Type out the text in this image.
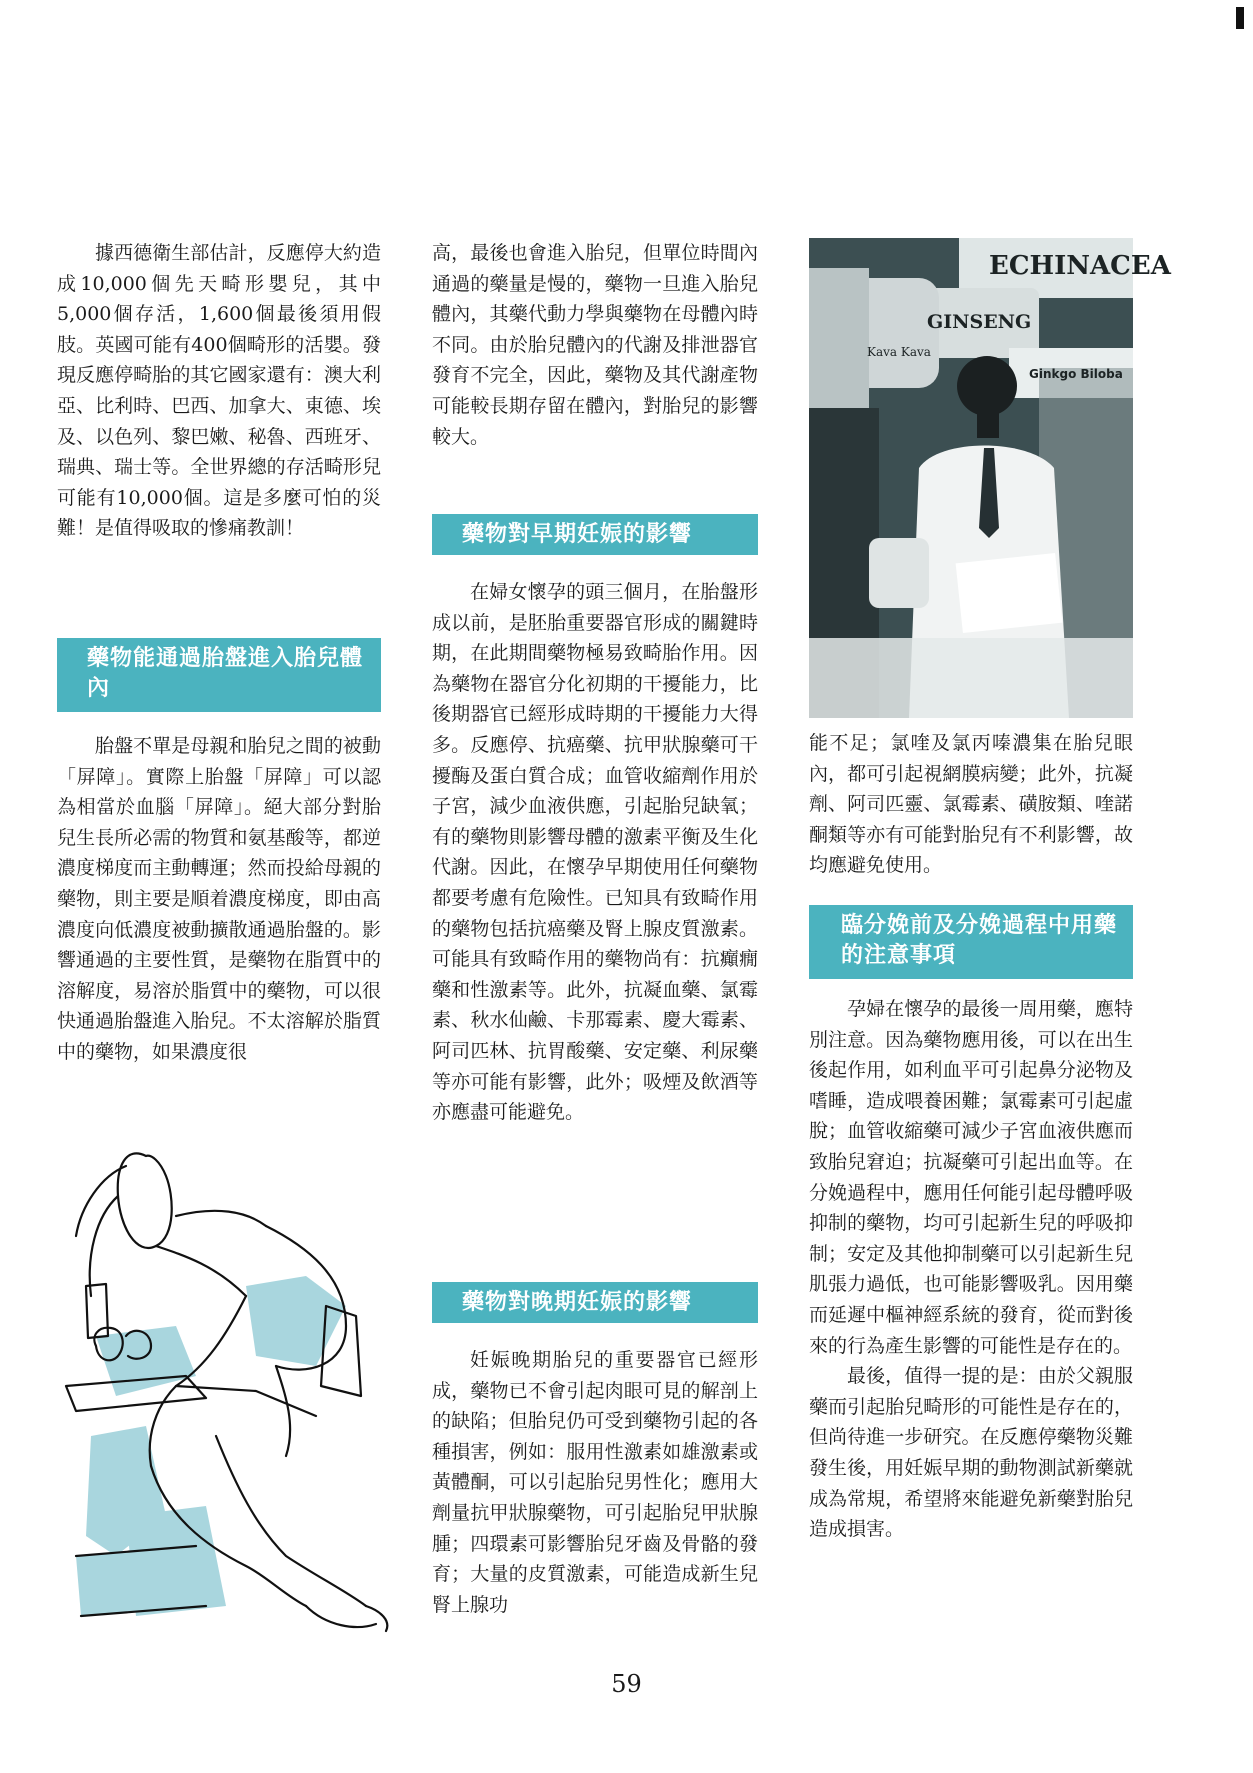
據西德衛生部估計，反應停大約造成10,000個先天畸形嬰兒，其中5,000個存活，1,600個最後須用假肢。英國可能有400個畸形的活嬰。發現反應停畸胎的其它國家還有：澳大利亞、比利時、巴西、加拿大、東德、埃及、以色列、黎巴嫩、秘魯、西班牙、瑞典、瑞士等。全世界總的存活畸形兒可能有10,000個。這是多麼可怕的災難！是值得吸取的慘痛教訓！

藥物能通過胎盤進入胎兒體內

胎盤不單是母親和胎兒之間的被動「屏障」。實際上胎盤「屏障」可以認為相當於血腦「屏障」。絕大部分對胎兒生長所必需的物質和氨基酸等，都逆濃度梯度而主動轉運；然而投給母親的藥物，則主要是順着濃度梯度，即由高濃度向低濃度被動擴散通過胎盤的。影響通過的主要性質，是藥物在脂質中的溶解度，易溶於脂質中的藥物，可以很快通過胎盤進入胎兒。不太溶解於脂質中的藥物，如果濃度很

高，最後也會進入胎兒，但單位時間內通過的藥量是慢的，藥物一旦進入胎兒體內，其藥代動力學與藥物在母體內時不同。由於胎兒體內的代謝及排泄器官發育不完全，因此，藥物及其代謝產物可能較長期存留在體內，對胎兒的影響較大。

藥物對早期妊娠的影響

在婦女懷孕的頭三個月，在胎盤形成以前，是胚胎重要器官形成的關鍵時期，在此期間藥物極易致畸胎作用。因為藥物在器官分化初期的干擾能力，比後期器官已經形成時期的干擾能力大得多。反應停、抗癌藥、抗甲狀腺藥可干擾酶及蛋白質合成；血管收縮劑作用於子宮，減少血液供應，引起胎兒缺氧；有的藥物則影響母體的激素平衡及生化代謝。因此，在懷孕早期使用任何藥物都要考慮有危險性。已知具有致畸作用的藥物包括抗癌藥及腎上腺皮質激素。可能具有致畸作用的藥物尚有：抗癲癇藥和性激素等。此外，抗凝血藥、氯霉素、秋水仙鹼、卡那霉素、慶大霉素、阿司匹林、抗胃酸藥、安定藥、利尿藥等亦可能有影響，此外；吸煙及飲酒等亦應盡可能避免。

藥物對晚期妊娠的影響

妊娠晚期胎兒的重要器官已經形成，藥物已不會引起肉眼可見的解剖上的缺陷；但胎兒仍可受到藥物引起的各種損害，例如：服用性激素如雄激素或黃體酮，可以引起胎兒男性化；應用大劑量抗甲狀腺藥物，可引起胎兒甲狀腺腫；四環素可影響胎兒牙齒及骨骼的發育；大量的皮質激素，可能造成新生兒腎上腺功

ECHINACEA
GINSENG
Kava Kava
Ginkgo Biloba

能不足；氯喹及氯丙嗪濃集在胎兒眼內，都可引起視網膜病變；此外，抗凝劑、阿司匹靈、氯霉素、磺胺類、喹諾酮類等亦有可能對胎兒有不利影響，故均應避免使用。

臨分娩前及分娩過程中用藥的注意事項

孕婦在懷孕的最後一周用藥，應特別注意。因為藥物應用後，可以在出生後起作用，如利血平可引起鼻分泌物及嗜睡，造成喂養困難；氯霉素可引起虛脫；血管收縮藥可減少子宮血液供應而致胎兒窘迫；抗凝藥可引起出血等。在分娩過程中，應用任何能引起母體呼吸抑制的藥物，均可引起新生兒的呼吸抑制；安定及其他抑制藥可以引起新生兒肌張力過低，也可能影響吸乳。因用藥而延遲中樞神經系統的發育，從而對後來的行為產生影響的可能性是存在的。

最後，值得一提的是：由於父親服藥而引起胎兒畸形的可能性是存在的，但尚待進一步研究。在反應停藥物災難發生後，用妊娠早期的動物測試新藥就成為常規，希望將來能避免新藥對胎兒造成損害。

59
